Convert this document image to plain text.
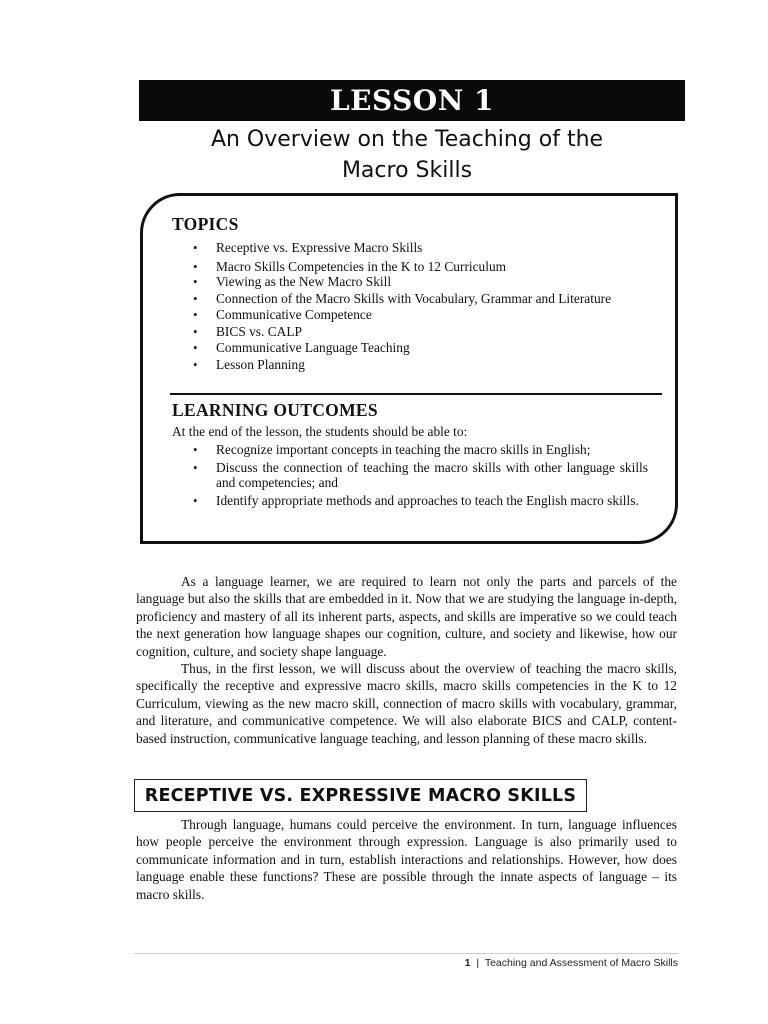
LESSON 1
An Overview on the Teaching of the
Macro Skills
TOPICS
• Receptive vs. Expressive Macro Skills
• Macro Skills Competencies in the K to 12 Curriculum
• Viewing as the New Macro Skill
• Connection of the Macro Skills with Vocabulary, Grammar and Literature
• Communicative Competence
• BICS vs. CALP
• Communicative Language Teaching
• Lesson Planning
LEARNING OUTCOMES
At the end of the lesson, the students should be able to:
• Recognize important concepts in teaching the macro skills in English;
• Discuss the connection of teaching the macro skills with other language skills and competencies; and
• Identify appropriate methods and approaches to teach the English macro skills.

As a language learner, we are required to learn not only the parts and parcels of the language but also the skills that are embedded in it. Now that we are studying the language in-depth, proficiency and mastery of all its inherent parts, aspects, and skills are imperative so we could teach the next generation how language shapes our cognition, culture, and society and likewise, how our cognition, culture, and society shape language.

Thus, in the first lesson, we will discuss about the overview of teaching the macro skills, specifically the receptive and expressive macro skills, macro skills competencies in the K to 12 Curriculum, viewing as the new macro skill, connection of macro skills with vocabulary, grammar, and literature, and communicative competence. We will also elaborate BICS and CALP, content-based instruction, communicative language teaching, and lesson planning of these macro skills.

RECEPTIVE VS. EXPRESSIVE MACRO SKILLS

Through language, humans could perceive the environment. In turn, language influences how people perceive the environment through expression. Language is also primarily used to communicate information and in turn, establish interactions and relationships. However, how does language enable these functions? These are possible through the innate aspects of language – its macro skills.

1 | Teaching and Assessment of Macro Skills
